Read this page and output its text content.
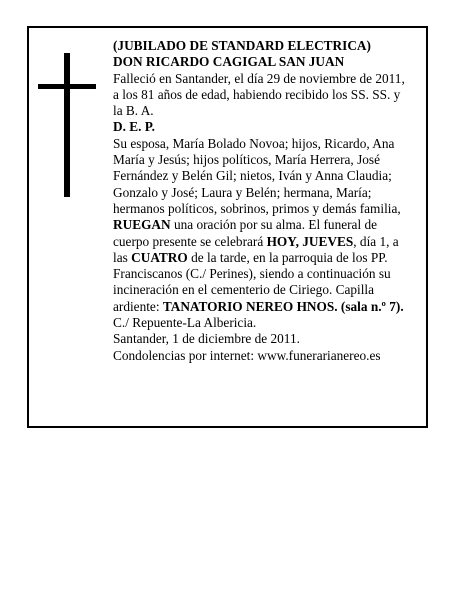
(JUBILADO DE STANDARD ELECTRICA)
DON RICARDO CAGIGAL SAN JUAN
Falleció en Santander, el día 29 de noviembre de 2011,
a los 81 años de edad, habiendo recibido los SS. SS. y
la B. A.
D. E. P.
Su esposa, María Bolado Novoa; hijos, Ricardo, Ana
María y Jesús; hijos políticos, María Herrera, José
Fernández y Belén Gil; nietos, Iván y Anna Claudia;
Gonzalo y José; Laura y Belén; hermana, María;
hermanos políticos, sobrinos, primos y demás familia,
RUEGAN una oración por su alma. El funeral de
cuerpo presente se celebrará HOY, JUEVES, día 1, a
las CUATRO de la tarde, en la parroquia de los PP.
Franciscanos (C./ Perines), siendo a continuación su
incineración en el cementerio de Ciriego. Capilla
ardiente: TANATORIO NEREO HNOS. (sala n.º 7).
C./ Repuente-La Albericia.
Santander, 1 de diciembre de 2011.
Condolencias por internet: www.funerarianereo.es
